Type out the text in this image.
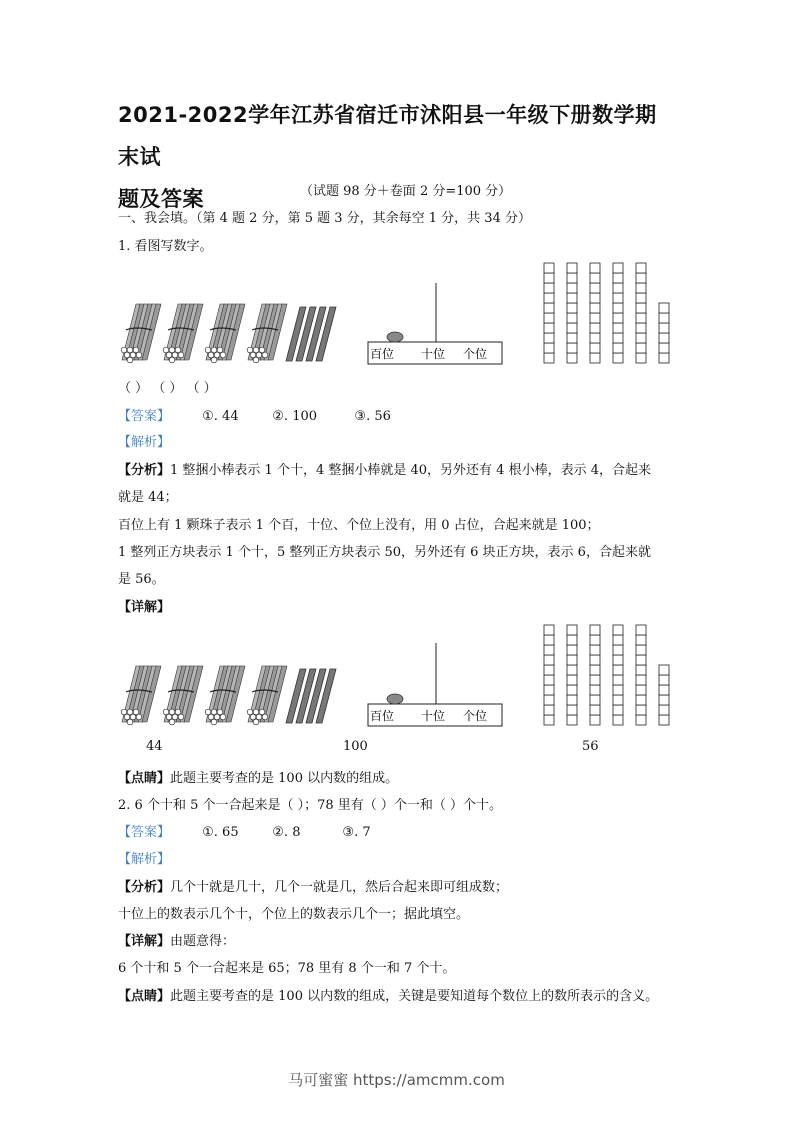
2021-2022学年江苏省宿迁市沭阳县一年级下册数学期末试
题及答案	（试题 98 分＋卷面 2 分=100 分）
一、我会填。（第 4 题 2 分，第 5 题 3 分，其余每空 1 分，共 34 分）
1. 看图写数字。
百位 十位 个位
（ ） （ ） （ ）
【答案】 ①. 44	②. 100	③. 56
【解析】
【分析】1 整捆小棒表示 1 个十，4 整捆小棒就是 40，另外还有 4 根小棒，表示 4，合起来
就是 44；
百位上有 1 颗珠子表示 1 个百，十位、个位上没有，用 0 占位，合起来就是 100；
1 整列正方块表示 1 个十，5 整列正方块表示 50，另外还有 6 块正方块，表示 6，合起来就
是 56。
【详解】
百位 十位 个位
44	100	56
【点睛】此题主要考查的是 100 以内数的组成。
2. 6 个十和 5 个一合起来是（ ）；78 里有（ ）个一和（ ）个十。
【答案】 ①. 65	②. 8	③. 7
【解析】
【分析】几个十就是几十，几个一就是几，然后合起来即可组成数；
十位上的数表示几个十，个位上的数表示几个一；据此填空。
【详解】由题意得：
6 个十和 5 个一合起来是 65；78 里有 8 个一和 7 个十。
【点睛】此题主要考查的是 100 以内数的组成，关键是要知道每个数位上的数所表示的含义。
马可蜜蜜 https://amcmm.com
